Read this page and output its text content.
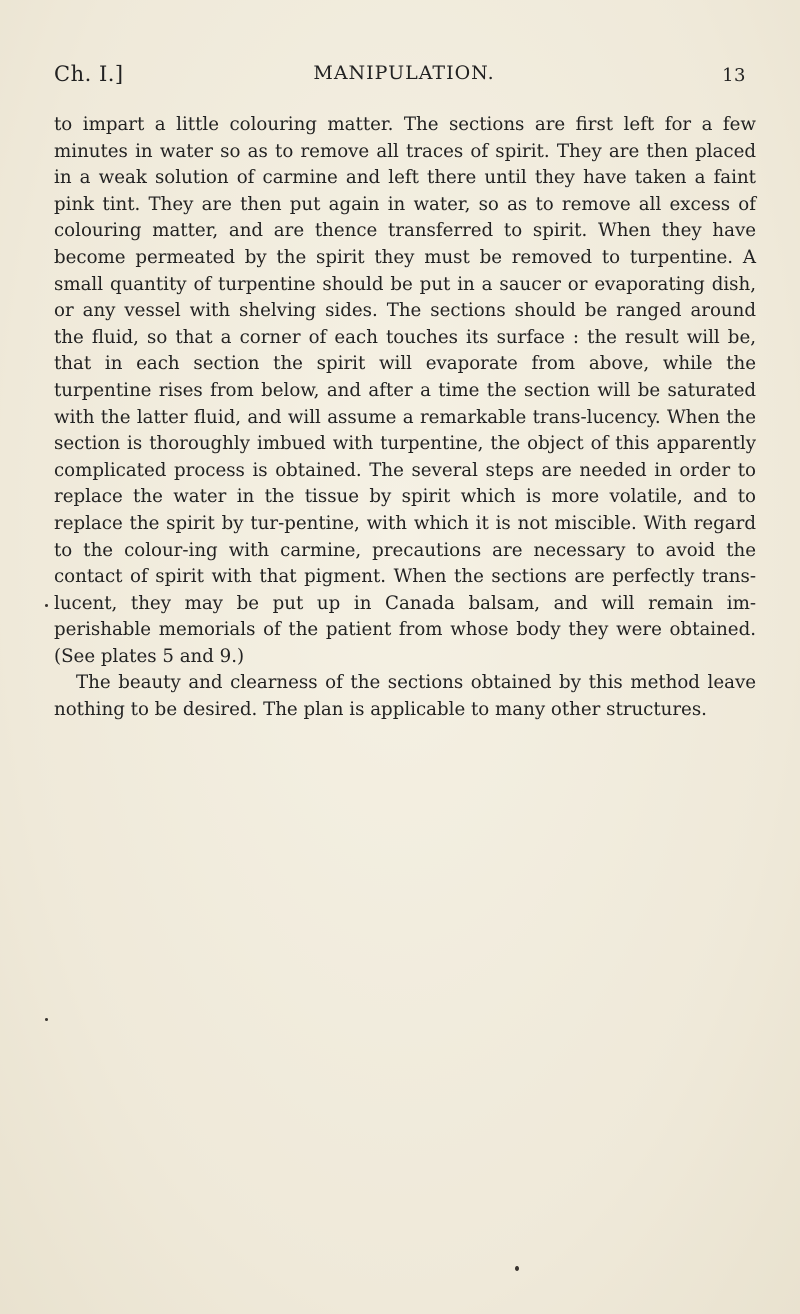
Ch. I.]	MANIPULATION.	13

to impart a little colouring matter. The sections are first left for a few minutes in water so as to remove all traces of spirit. They are then placed in a weak solution of carmine and left there until they have taken a faint pink tint. They are then put again in water, so as to remove all excess of colouring matter, and are thence transferred to spirit. When they have become permeated by the spirit they must be removed to turpentine. A small quantity of turpentine should be put in a saucer or evaporating dish, or any vessel with shelving sides. The sections should be ranged around the fluid, so that a corner of each touches its surface : the result will be, that in each section the spirit will evaporate from above, while the turpentine rises from below, and after a time the section will be saturated with the latter fluid, and will assume a remarkable trans-lucency. When the section is thoroughly imbued with turpentine, the object of this apparently complicated process is obtained. The several steps are needed in order to replace the water in the tissue by spirit which is more volatile, and to replace the spirit by tur-pentine, with which it is not miscible. With regard to the colour-ing with carmine, precautions are necessary to avoid the contact of spirit with that pigment. When the sections are perfectly trans-lucent, they may be put up in Canada balsam, and will remain im-perishable memorials of the patient from whose body they were obtained. (See plates 5 and 9.)

The beauty and clearness of the sections obtained by this method leave nothing to be desired. The plan is applicable to many other structures.
